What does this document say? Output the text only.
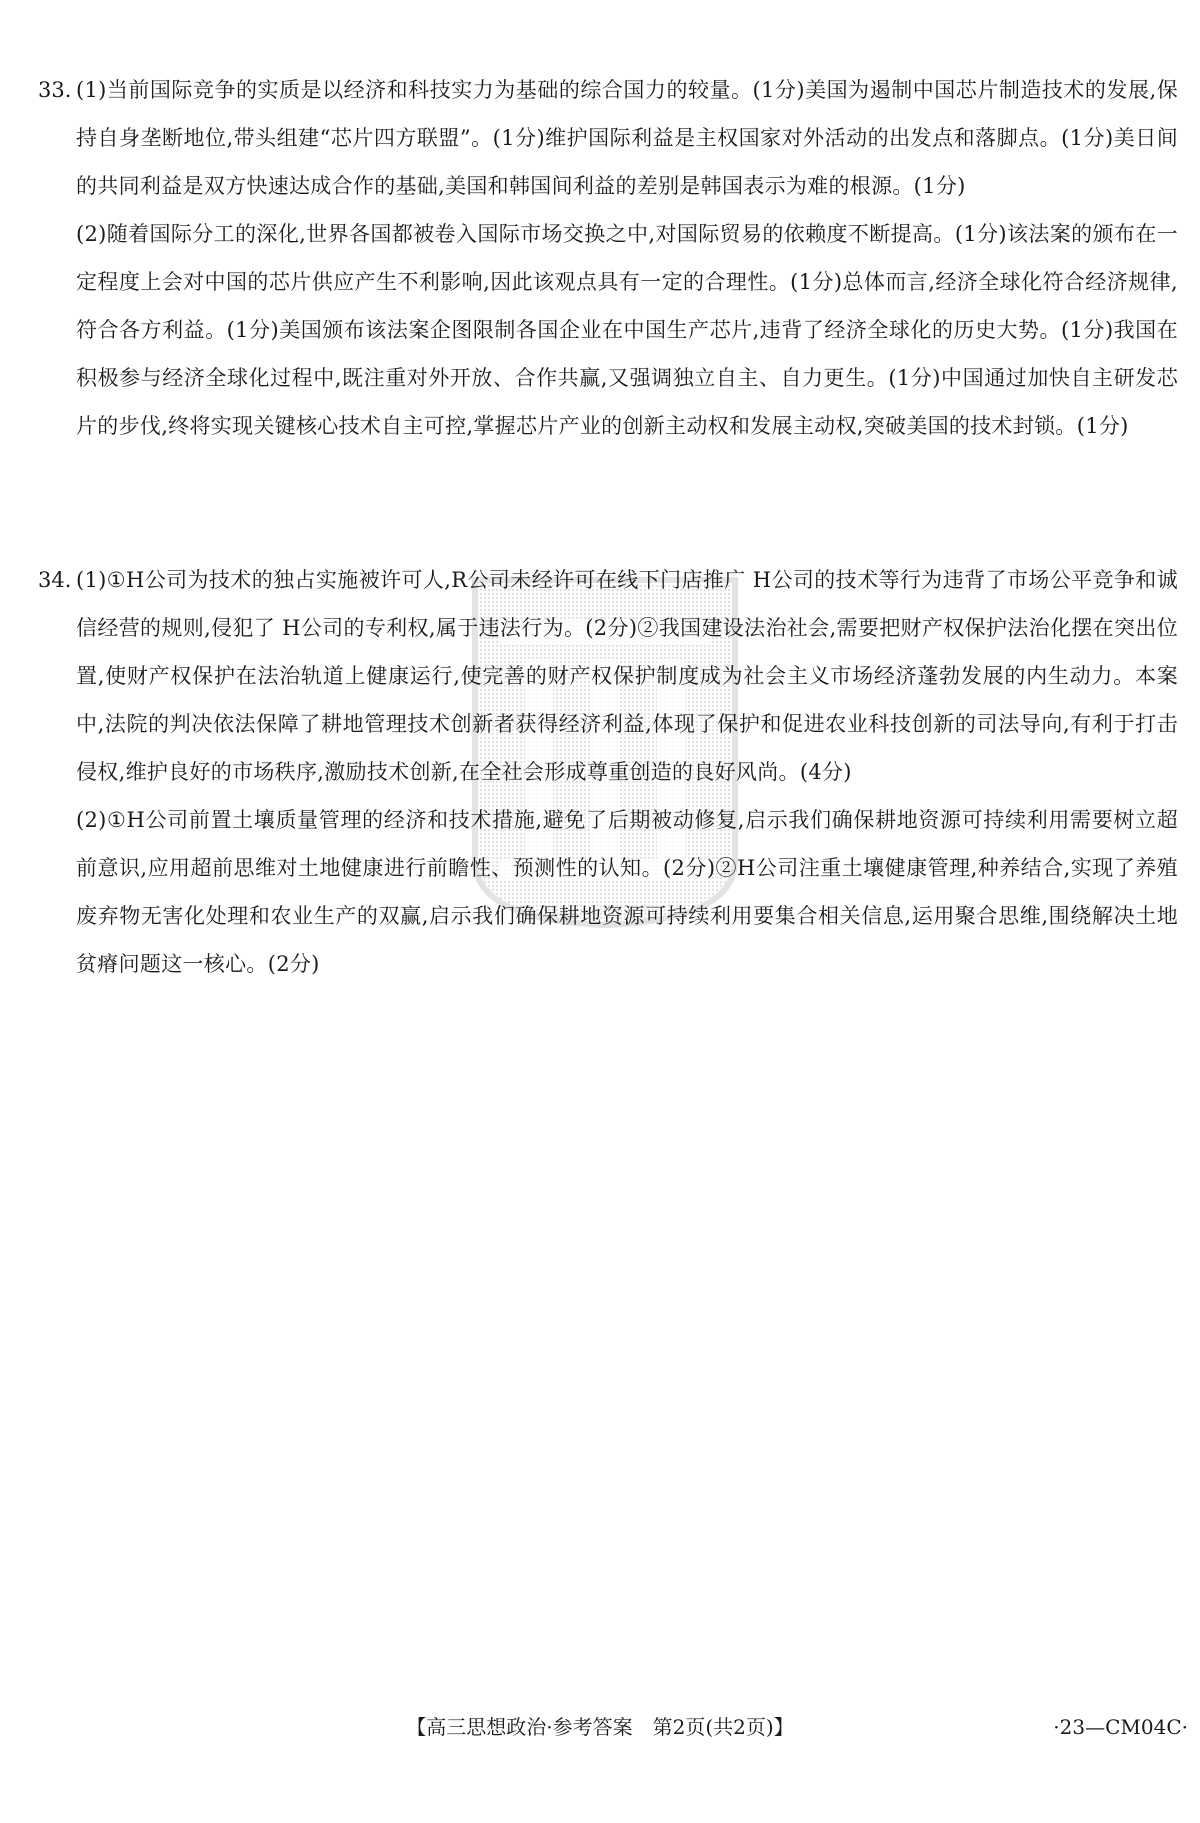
33. (1)当前国际竞争的实质是以经济和科技实力为基础的综合国力的较量。(1分)美国为遏制中国芯片制造技术的发展,保持自身垄断地位,带头组建“芯片四方联盟”。(1分)维护国际利益是主权国家对外活动的出发点和落脚点。(1分)美日间的共同利益是双方快速达成合作的基础,美国和韩国间利益的差别是韩国表示为难的根源。(1分)

(2)随着国际分工的深化,世界各国都被卷入国际市场交换之中,对国际贸易的依赖度不断提高。(1分)该法案的颁布在一定程度上会对中国的芯片供应产生不利影响,因此该观点具有一定的合理性。(1分)总体而言,经济全球化符合经济规律,符合各方利益。(1分)美国颁布该法案企图限制各国企业在中国生产芯片,违背了经济全球化的历史大势。(1分)我国在积极参与经济全球化过程中,既注重对外开放、合作共赢,又强调独立自主、自力更生。(1分)中国通过加快自主研发芯片的步伐,终将实现关键核心技术自主可控,掌握芯片产业的创新主动权和发展主动权,突破美国的技术封锁。(1分)

34. (1)①H公司为技术的独占实施被许可人,R公司未经许可在线下门店推广 H公司的技术等行为违背了市场公平竞争和诚信经营的规则,侵犯了 H公司的专利权,属于违法行为。(2分)②我国建设法治社会,需要把财产权保护法治化摆在突出位置,使财产权保护在法治轨道上健康运行,使完善的财产权保护制度成为社会主义市场经济蓬勃发展的内生动力。本案中,法院的判决依法保障了耕地管理技术创新者获得经济利益,体现了保护和促进农业科技创新的司法导向,有利于打击侵权,维护良好的市场秩序,激励技术创新,在全社会形成尊重创造的良好风尚。(4分)

(2)①H公司前置土壤质量管理的经济和技术措施,避免了后期被动修复,启示我们确保耕地资源可持续利用需要树立超前意识,应用超前思维对土地健康进行前瞻性、预测性的认知。(2分)②H公司注重土壤健康管理,种养结合,实现了养殖废弃物无害化处理和农业生产的双赢,启示我们确保耕地资源可持续利用要集合相关信息,运用聚合思维,围绕解决土地贫瘠问题这一核心。(2分)

【高三思想政治·参考答案　第2页(共2页)】	·23—CM04C·
